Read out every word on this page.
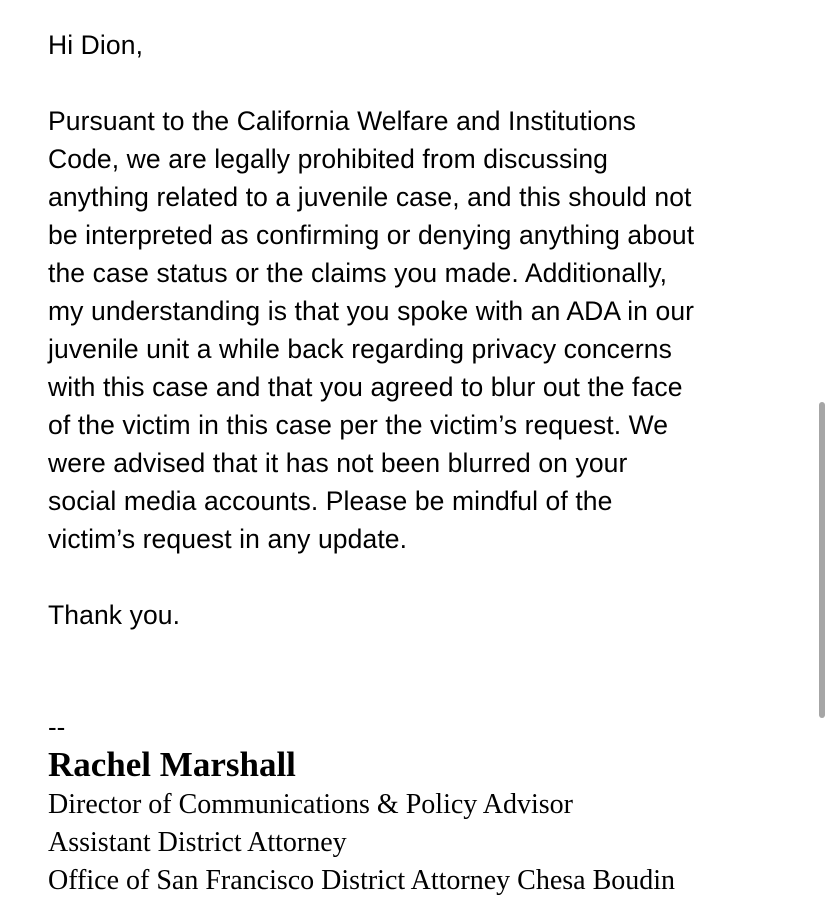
Hi Dion,
Pursuant to the California Welfare and Institutions
Code, we are legally prohibited from discussing
anything related to a juvenile case, and this should not
be interpreted as confirming or denying anything about
the case status or the claims you made. Additionally,
my understanding is that you spoke with an ADA in our
juvenile unit a while back regarding privacy concerns
with this case and that you agreed to blur out the face
of the victim in this case per the victim’s request. We
were advised that it has not been blurred on your
social media accounts. Please be mindful of the
victim’s request in any update.
Thank you.
--
Rachel Marshall
Director of Communications & Policy Advisor
Assistant District Attorney
Office of San Francisco District Attorney Chesa Boudin
